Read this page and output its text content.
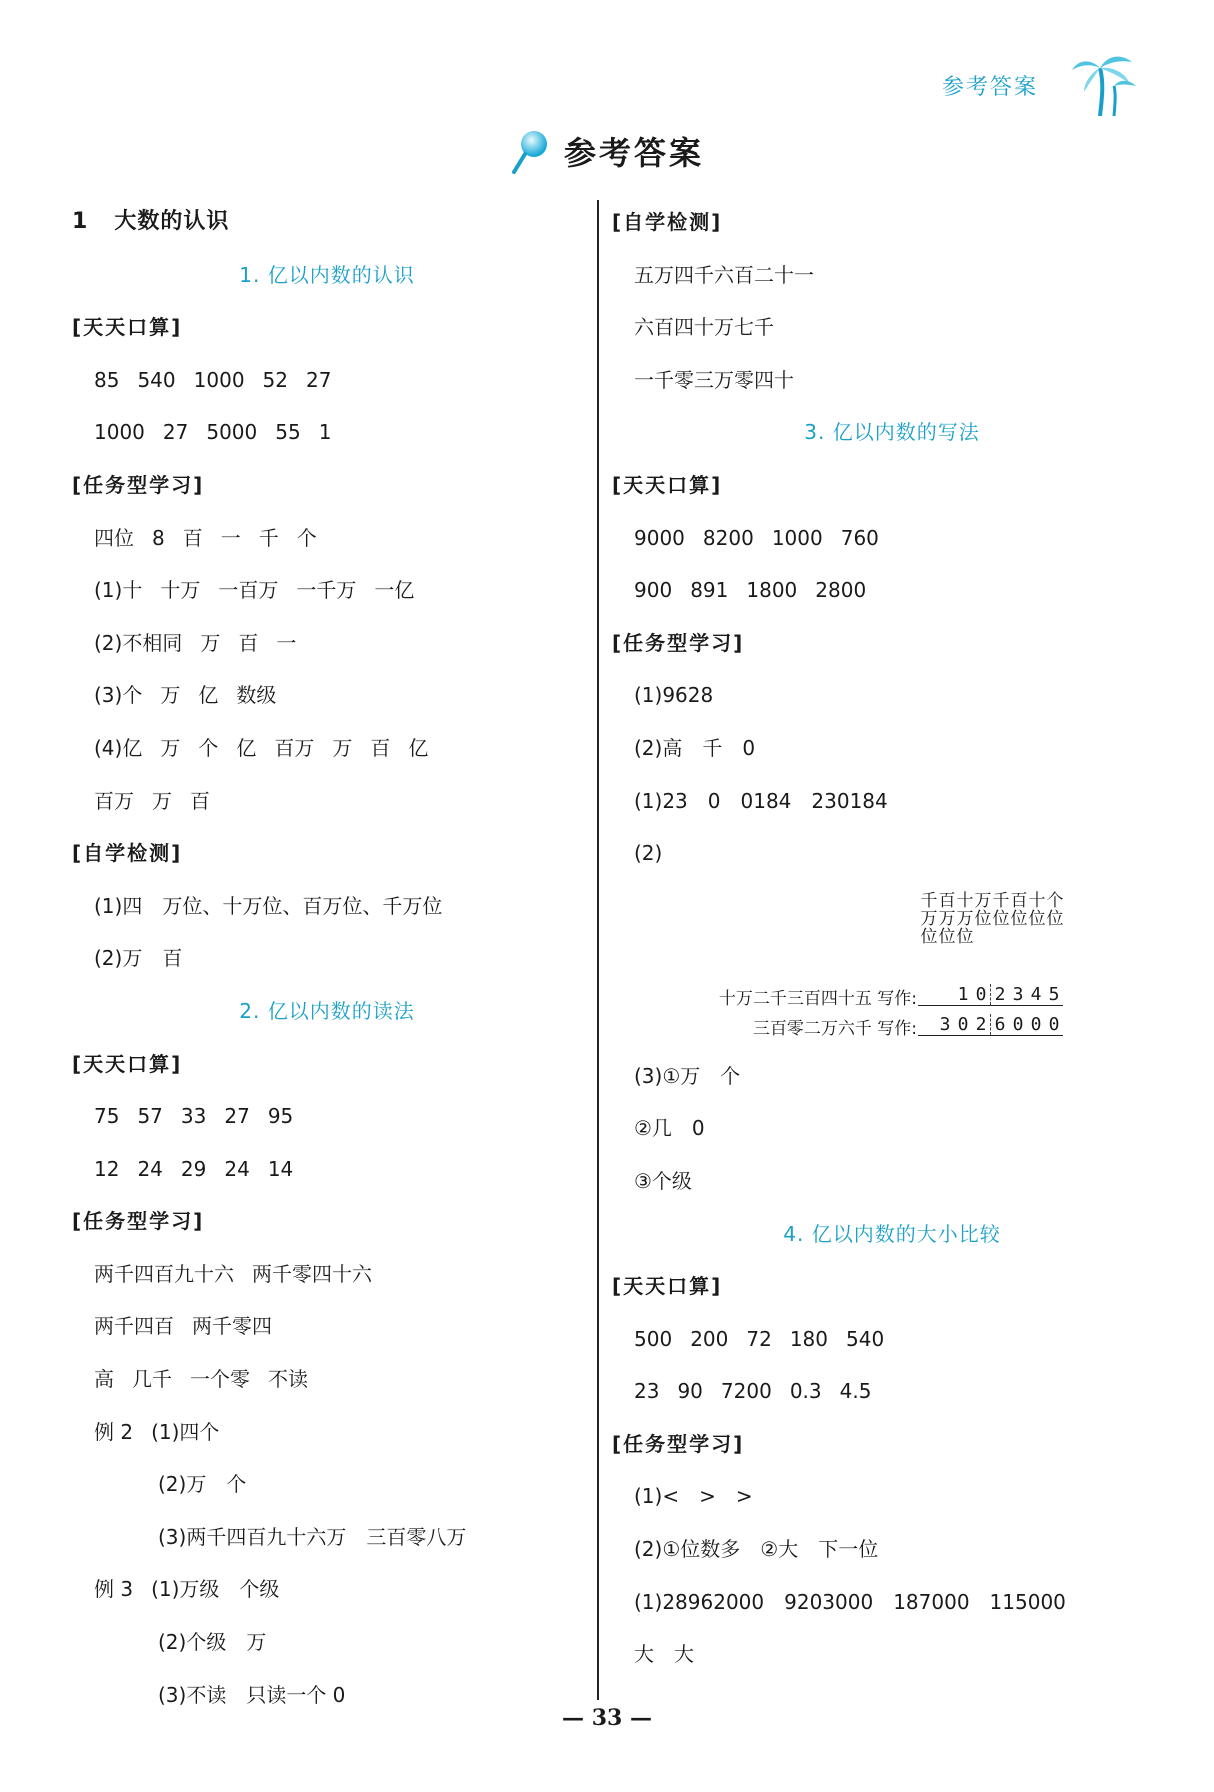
参考答案
参考答案
1 大数的认识
1. 亿以内数的认识
[天天口算]
85 540 1000 52 27
1000 27 5000 55 1
[任务型学习]
四位 8 百 一 千 个
(1)十 十万 一百万 一千万 一亿
(2)不相同 万 百 一
(3)个 万 亿 数级
(4)亿 万 个 亿 百万 万 百 亿
百万 万 百
[自学检测]
(1)四　万位、十万位、百万位、千万位
(2)万　百
2. 亿以内数的读法
[天天口算]
75 57 33 27 95
12 24 29 24 14
[任务型学习]
两千四百九十六 两千零四十六
两千四百 两千零四
高 几千 一个零 不读
例 2 (1)四个
(2)万　个
(3)两千四百九十六万　三百零八万
例 3 (1)万级　个级
(2)个级　万
(3)不读　只读一个 0
[自学检测]
五万四千六百二十一
六百四十万七千
一千零三万零四十
3. 亿以内数的写法
[天天口算]
9000 8200 1000 760
900 891 1800 2800
[任务型学习]
(1)9628
(2)高　千　0
(1)23　0　0184　230184
(2)
千
万
位
百
万
位
十
万
位
万
位
千
位
百
位
十
位
个
位
十万二千三百四十五 写作: 1 0 2 3 4 5
三百零二万六千 写作: 3 0 2 6 0 0 0
(3)①万　个
②几　0
③个级
4. 亿以内数的大小比较
[天天口算]
500 200 72 180 540
23 90 7200 0.3 4.5
[任务型学习]
(1)<　>　>
(2)①位数多　②大　下一位
(1)28962000　9203000　187000　115000
大　大
— 33 —
